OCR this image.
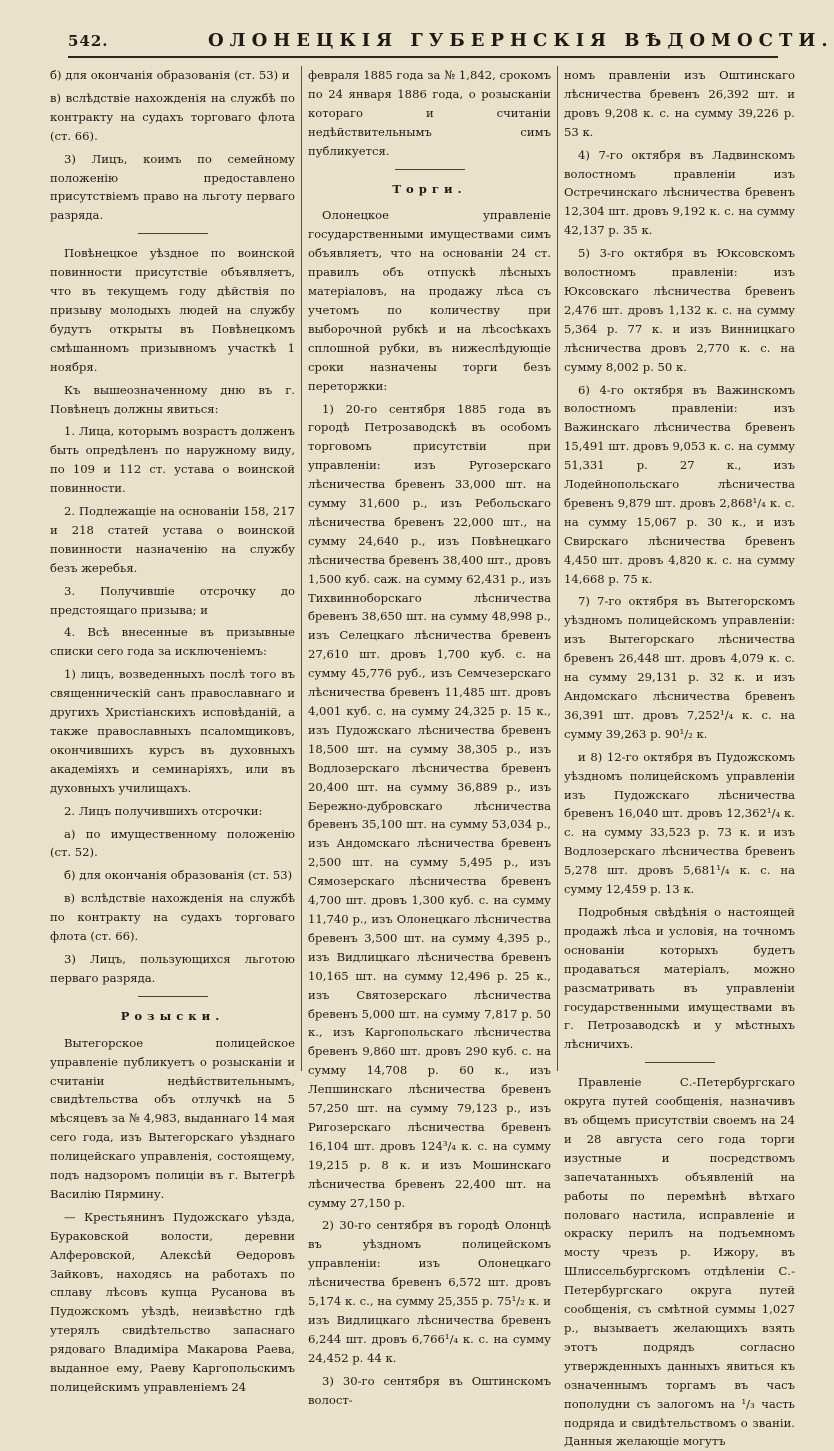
542.	ОЛОНЕЦКІЯ ГУБЕРНСКІЯ ВѢДОМОСТИ.

б) для окончанія образованія (ст. 53) и

в) вслѣдствіе нахожденія на службѣ по контракту на судахъ торговаго флота (ст. 66).

3) Лицъ, коимъ по семейному положенію предоставлено присутствіемъ право на льготу перваго разряда.

Повѣнецкое уѣздное по воинской повинности присутствіе объявляетъ, что въ текущемъ году дѣйствія по призыву молодыхъ людей на службу будутъ открыты въ Повѣнецкомъ смѣшанномъ призывномъ участкѣ 1 ноября.

Къ вышеозначенному дню въ г. Повѣнецъ должны явиться:

1. Лица, которымъ возрастъ долженъ быть опредѣленъ по наружному виду, по 109 и 112 ст. устава о воинской повинности.

2. Подлежащіе на основаніи 158, 217 и 218 статей устава о воинской повинности назначенію на службу безъ жеребья.

3. Получившіе отсрочку до предстоящаго призыва; и

4. Всѣ внесенные въ призывные списки сего года за исключеніемъ:

1) лицъ, возведенныхъ послѣ того въ священническій санъ православнаго и другихъ Христіанскихъ исповѣданій, а также православныхъ псаломщиковъ, окончившихъ курсъ въ духовныхъ академіяхъ и семинаріяхъ, или въ духовныхъ училищахъ.

2. Лицъ получившихъ отсрочки:

а) по имущественному положенію (ст. 52).

б) для окончанія образованія (ст. 53)

в) вслѣдствіе нахожденія на службѣ по контракту на судахъ торговаго флота (ст. 66).

3) Лицъ, пользующихся льготою перваго разряда.

Розыски.

Вытегорское полицейское управленіе публикуетъ о розысканіи и считаніи недѣйствительнымъ, свидѣтельства объ отлучкѣ на 5 мѣсяцевъ за № 4,983, выданнаго 14 мая сего года, изъ Вытегорскаго уѣзднаго полицейскаго управленія, состоящему, подъ надзоромъ полиціи въ г. Вытегрѣ Василію Пярмину.

— Крестьянинъ Пудожскаго уѣзда, Бураковской волости, деревни Алферовской, Алексѣй Ѳедоровъ Зайковъ, находясь на работахъ по сплаву лѣсовъ купца Русанова въ Пудожскомъ уѣздѣ, неизвѣстно гдѣ утерялъ свидѣтельство запаснаго рядоваго Владиміра Макарова Раева, выданное ему, Раеву Каргопольскимъ полицейскимъ управленіемъ 24

февраля 1885 года за № 1,842, срокомъ по 24 января 1886 года, о розысканіи котораго и считаніи недѣйствительнымъ симъ публикуется.

Торги.

Олонецкое управленіе государственными имуществами симъ объявляетъ, что на основаніи 24 ст. правилъ объ отпускѣ лѣсныхъ матеріаловъ, на продажу лѣса съ учетомъ по количеству при выборочной рубкѣ и на лѣсосѣкахъ сплошной рубки, въ нижеслѣдующіе сроки назначены торги безъ переторжки:

1) 20-го сентября 1885 года въ городѣ Петрозаводскѣ въ особомъ торговомъ присутствіи при управленіи: изъ Ругозерскаго лѣсничества бревенъ 33,000 шт. на сумму 31,600 р., изъ Ребольскаго лѣсничества бревенъ 22,000 шт., на сумму 24,640 р., изъ Повѣнецкаго лѣсничества бревенъ 38,400 шт., дровъ 1,500 куб. саж. на сумму 62,431 р., изъ Тихвинноборскаго лѣсничества бревенъ 38,650 шт. на сумму 48,998 р., изъ Селецкаго лѣсничества бревенъ 27,610 шт. дровъ 1,700 куб. с. на сумму 45,776 руб., изъ Семчезерскаго лѣсничества бревенъ 11,485 шт. дровъ 4,001 куб. с. на сумму 24,325 р. 15 к., изъ Пудожскаго лѣсничества бревенъ 18,500 шт. на сумму 38,305 р., изъ Водлозерскаго лѣсничества бревенъ 20,400 шт. на сумму 36,889 р., изъ Бережно-дубровскаго лѣсничества бревенъ 35,100 шт. на сумму 53,034 р., изъ Андомскаго лѣсничества бревенъ 2,500 шт. на сумму 5,495 р., изъ Сямозерскаго лѣсничества бревенъ 4,700 шт. дровъ 1,300 куб. с. на сумму 11,740 р., изъ Олонецкаго лѣсничества бревенъ 3,500 шт. на сумму 4,395 р., изъ Видлицкаго лѣсничества бревенъ 10,165 шт. на сумму 12,496 р. 25 к., изъ Святозерскаго лѣсничества бревенъ 5,000 шт. на сумму 7,817 р. 50 к., изъ Каргопольскаго лѣсничества бревенъ 9,860 шт. дровъ 290 куб. с. на сумму 14,708 р. 60 к., изъ Лепшинскаго лѣсничества бревенъ 57,250 шт. на сумму 79,123 р., изъ Ригозерскаго лѣсничества бревенъ 16,104 шт. дровъ 124³/₄ к. с. на сумму 19,215 р. 8 к. и изъ Мошинскаго лѣсничества бревенъ 22,400 шт. на сумму 27,150 р.

2) 30-го сентября въ городѣ Олонцѣ въ уѣздномъ полицейскомъ управленіи: изъ Олонецкаго лѣсничества бревенъ 6,572 шт. дровъ 5,174 к. с., на сумму 25,355 р. 75¹/₂ к. и изъ Видлицкаго лѣсничества бревенъ 6,244 шт. дровъ 6,766¹/₄ к. с. на сумму 24,452 р. 44 к.

3) 30-го сентября въ Оштинскомъ волост-

номъ правленіи изъ Оштинскаго лѣсничества бревенъ 26,392 шт. и дровъ 9,208 к. с. на сумму 39,226 р. 53 к.

4) 7-го октября въ Ладвинскомъ волостномъ правленіи изъ Остречинскаго лѣсничества бревенъ 12,304 шт. дровъ 9,192 к. с. на сумму 42,137 р. 35 к.

5) 3-го октября въ Юксовскомъ волостномъ правленіи: изъ Юксовскаго лѣсничества бревенъ 2,476 шт. дровъ 1,132 к. с. на сумму 5,364 р. 77 к. и изъ Винницкаго лѣсничества дровъ 2,770 к. с. на сумму 8,002 р. 50 к.

6) 4-го октября въ Важинскомъ волостномъ правленіи: изъ Важинскаго лѣсничества бревенъ 15,491 шт. дровъ 9,053 к. с. на сумму 51,331 р. 27 к., изъ Лодейнопольскаго лѣсничества бревенъ 9,879 шт. дровъ 2,868¹/₄ к. с. на сумму 15,067 р. 30 к., и изъ Свирскаго лѣсничества бревенъ 4,450 шт. дровъ 4,820 к. с. на сумму 14,668 р. 75 к.

7) 7-го октября въ Вытегорскомъ уѣздномъ полицейскомъ управленіи: изъ Вытегорскаго лѣсничества бревенъ 26,448 шт. дровъ 4,079 к. с. на сумму 29,131 р. 32 к. и изъ Андомскаго лѣсничества бревенъ 36,391 шт. дровъ 7,252¹/₄ к. с. на сумму 39,263 р. 90¹/₂ к.

и 8) 12-го октября въ Пудожскомъ уѣздномъ полицейскомъ управленіи изъ Пудожскаго лѣсничества бревенъ 16,040 шт. дровъ 12,362¹/₄ к. с. на сумму 33,523 р. 73 к. и изъ Водлозерскаго лѣсничества бревенъ 5,278 шт. дровъ 5,681¹/₄ к. с. на сумму 12,459 р. 13 к.

Подробныя свѣдѣнія о настоящей продажѣ лѣса и условія, на точномъ основаніи которыхъ будетъ продаваться матеріалъ, можно разсматривать въ управленіи государственными имуществами въ г. Петрозаводскѣ и у мѣстныхъ лѣсничихъ.

Правленіе С.-Петербургскаго округа путей сообщенія, назначивъ въ общемъ присутствіи своемъ на 24 и 28 августа сего года торги изустные и посредствомъ запечатанныхъ объявленій на работы по перемѣнѣ вѣтхаго половаго настила, исправленіе и окраску перилъ на подъемномъ мосту чрезъ р. Ижору, въ Шлиссельбургскомъ отдѣленіи С.-Петербургскаго округа путей сообщенія, съ смѣтной суммы 1,027 р., вызываетъ желающихъ взять этотъ подрядъ согласно утвержденныхъ данныхъ явиться къ означеннымъ торгамъ въ часъ пополудни съ залогомъ на ¹/₃ часть подряда и свидѣтельствомъ о званіи. Данныя желающіе могутъ
